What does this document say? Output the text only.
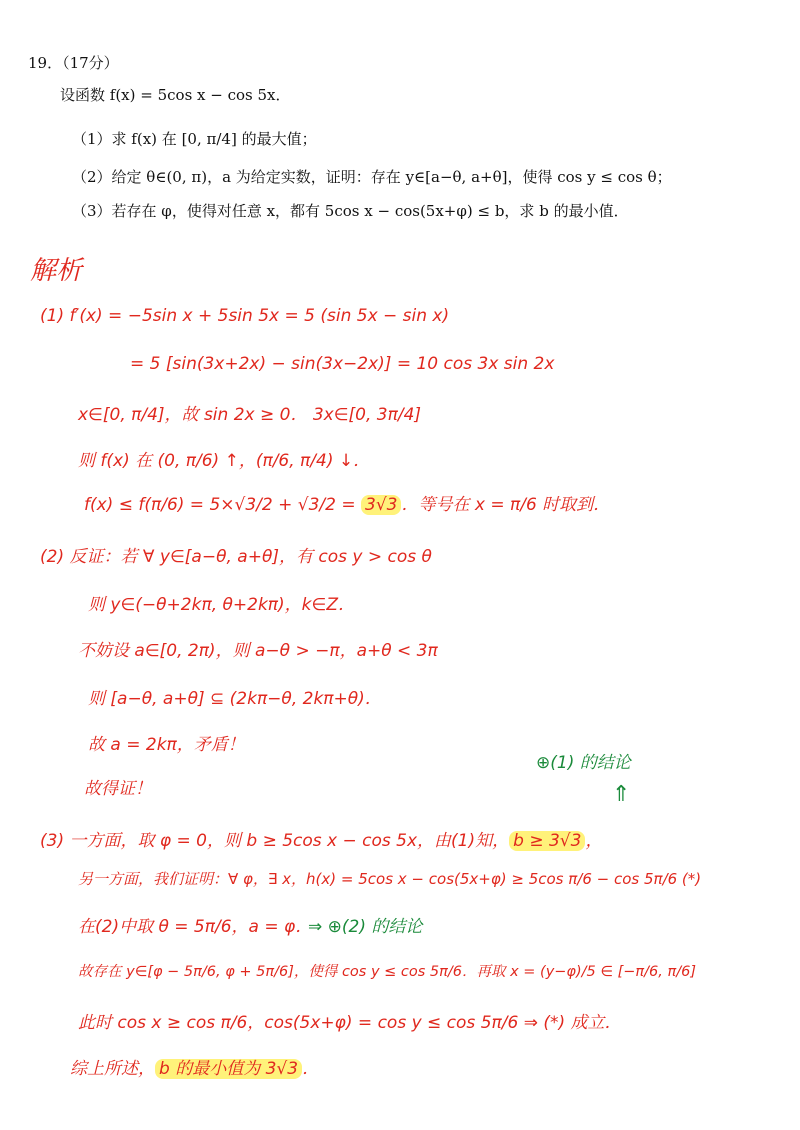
19．（17分）
设函数 f(x) = 5cos x − cos 5x．
（1）求 f(x) 在 [0, π/4] 的最大值；
（2）给定 θ∈(0, π)，a 为给定实数，证明：存在 y∈[a−θ, a+θ]，使得 cos y ≤ cos θ；
（3）若存在 φ，使得对任意 x，都有 5cos x − cos(5x+φ) ≤ b，求 b 的最小值．
解析
(1) f′(x) = −5sin x + 5sin 5x = 5 (sin 5x − sin x)
= 5 [sin(3x+2x) − sin(3x−2x)] = 10 cos 3x sin 2x
x∈[0, π/4]，故 sin 2x ≥ 0． 3x∈[0, 3π/4]
则 f(x) 在 (0, π/6) ↑，(π/6, π/4) ↓．
f(x) ≤ f(π/6) = 5×√3/2 + √3/2 = 3√3 ．等号在 x = π/6 时取到．
(2) 反证：若 ∀ y∈[a−θ, a+θ]，有 cos y > cos θ
则 y∈(−θ+2kπ, θ+2kπ)，k∈Z．
不妨设 a∈[0, 2π)，则 a−θ > −π，a+θ < 3π
则 [a−θ, a+θ] ⊆ (2kπ−θ, 2kπ+θ)．
故 a = 2kπ，矛盾！
故得证！
⊕(1) 的结论
⇑
(3) 一方面，取 φ = 0，则 b ≥ 5cos x − cos 5x，由(1)知， b ≥ 3√3 ，
另一方面，我们证明：∀ φ，∃ x，h(x) = 5cos x − cos(5x+φ) ≥ 5cos π/6 − cos 5π/6 (*)
在(2)中取 θ = 5π/6，a = φ．
⇒ ⊕(2) 的结论
故存在 y∈[φ − 5π/6, φ + 5π/6]，使得 cos y ≤ cos 5π/6．再取 x = (y−φ)/5 ∈ [−π/6, π/6]
此时 cos x ≥ cos π/6，cos(5x+φ) = cos y ≤ cos 5π/6 ⇒ (*) 成立．
综上所述， b 的最小值为 3√3 ．
